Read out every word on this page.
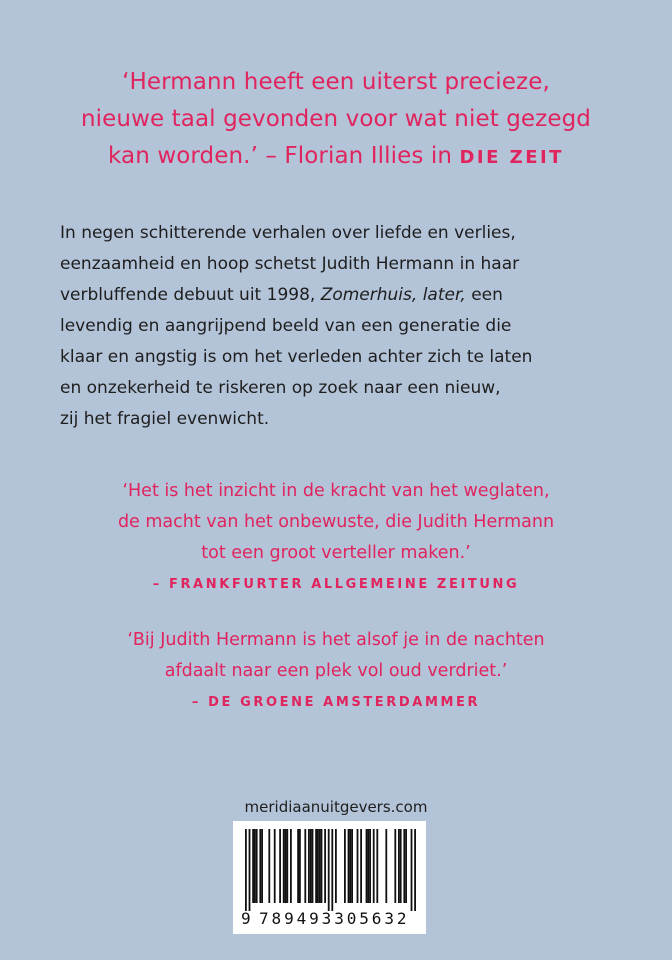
‘Hermann heeft een uiterst precieze,
nieuwe taal gevonden voor wat niet gezegd
kan worden.’ – Florian Illies in DIE ZEIT
In negen schitterende verhalen over liefde en verlies,
eenzaamheid en hoop schetst Judith Hermann in haar
verbluffende debuut uit 1998, Zomerhuis, later, een
levendig en aangrijpend beeld van een generatie die
klaar en angstig is om het verleden achter zich te laten
en onzekerheid te riskeren op zoek naar een nieuw,
zij het fragiel evenwicht.
‘Het is het inzicht in de kracht van het weglaten,
de macht van het onbewuste, die Judith Hermann
tot een groot verteller maken.’
– FRANKFURTER ALLGEMEINE ZEITUNG
‘Bij Judith Hermann is het alsof je in de nachten
afdaalt naar een plek vol oud verdriet.’
– DE GROENE AMSTERDAMMER
meridiaanuitgevers.com
9 789493305632
